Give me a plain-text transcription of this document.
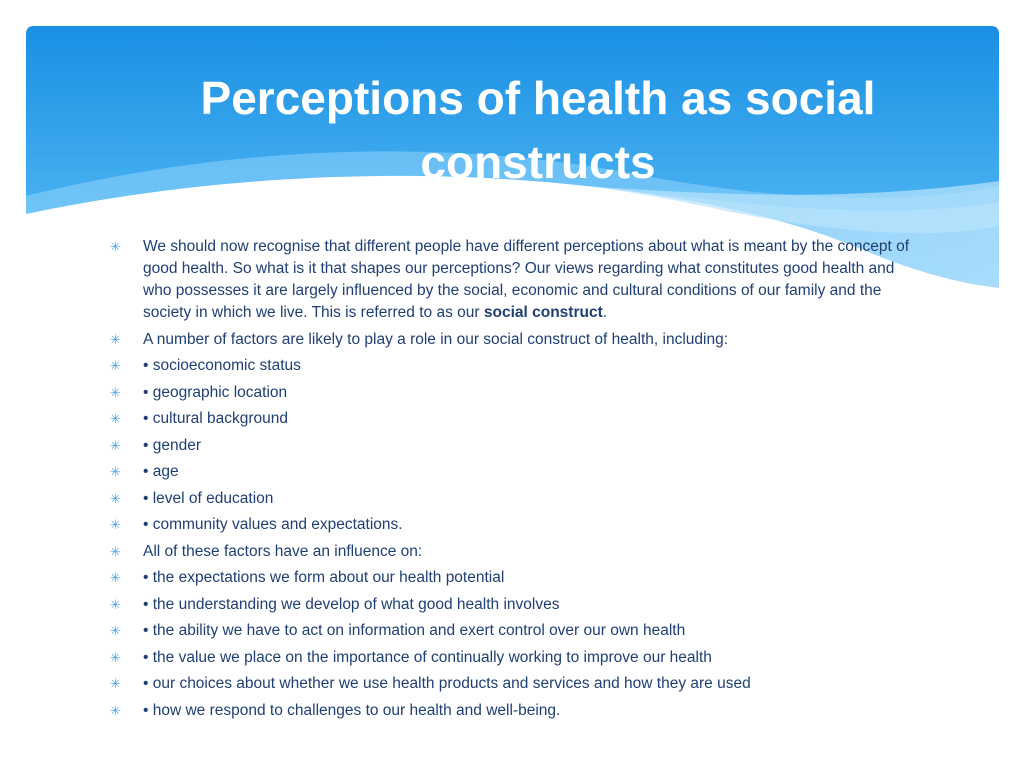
Perceptions of health as social constructs
✳ We should now recognise that different people have different perceptions about what is meant by the concept of good health. So what is it that shapes our perceptions? Our views regarding what constitutes good health and who possesses it are largely influenced by the social, economic and cultural conditions of our family and the society in which we live. This is referred to as our social construct.
✳ A number of factors are likely to play a role in our social construct of health, including:
✳ • socioeconomic status
✳ • geographic location
✳ • cultural background
✳ • gender
✳ • age
✳ • level of education
✳ • community values and expectations.
✳ All of these factors have an influence on:
✳ • the expectations we form about our health potential
✳ • the understanding we develop of what good health involves
✳ • the ability we have to act on information and exert control over our own health
✳ • the value we place on the importance of continually working to improve our health
✳ • our choices about whether we use health products and services and how they are used
✳ • how we respond to challenges to our health and well-being.
